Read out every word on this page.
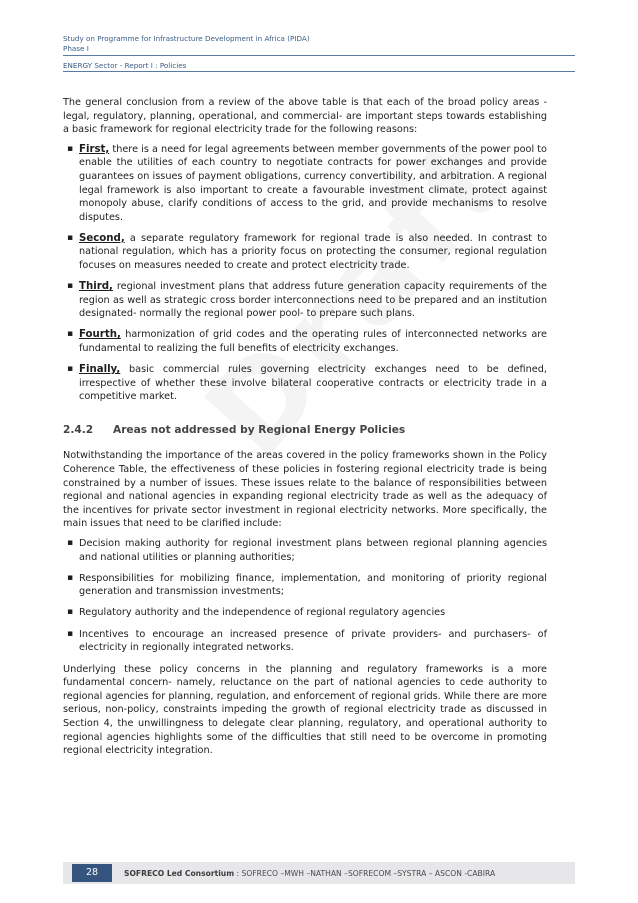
Study on Programme for Infrastructure Development in Africa (PIDA)
Phase I
ENERGY Sector - Report I : Policies

The general conclusion from a review of the above table is that each of the broad policy areas - legal, regulatory, planning, operational, and commercial- are important steps towards establishing a basic framework for regional electricity trade for the following reasons:

▪ First, there is a need for legal agreements between member governments of the power pool to enable the utilities of each country to negotiate contracts for power exchanges and provide guarantees on issues of payment obligations, currency convertibility, and arbitration. A regional legal framework is also important to create a favourable investment climate, protect against monopoly abuse, clarify conditions of access to the grid, and provide mechanisms to resolve disputes.
▪ Second, a separate regulatory framework for regional trade is also needed. In contrast to national regulation, which has a priority focus on protecting the consumer, regional regulation focuses on measures needed to create and protect electricity trade.
▪ Third, regional investment plans that address future generation capacity requirements of the region as well as strategic cross border interconnections need to be prepared and an institution designated- normally the regional power pool- to prepare such plans.
▪ Fourth, harmonization of grid codes and the operating rules of interconnected networks are fundamental to realizing the full benefits of electricity exchanges.
▪ Finally, basic commercial rules governing electricity exchanges need to be defined, irrespective of whether these involve bilateral cooperative contracts or electricity trade in a competitive market.
2.4.2 Areas not addressed by Regional Energy Policies

Notwithstanding the importance of the areas covered in the policy frameworks shown in the Policy Coherence Table, the effectiveness of these policies in fostering regional electricity trade is being constrained by a number of issues. These issues relate to the balance of responsibilities between regional and national agencies in expanding regional electricity trade as well as the adequacy of the incentives for private sector investment in regional electricity networks. More specifically, the main issues that need to be clarified include:

▪ Decision making authority for regional investment plans between regional planning agencies and national utilities or planning authorities;
▪ Responsibilities for mobilizing finance, implementation, and monitoring of priority regional generation and transmission investments;
▪ Regulatory authority and the independence of regional regulatory agencies
▪ Incentives to encourage an increased presence of private providers- and purchasers- of electricity in regionally integrated networks.

Underlying these policy concerns in the planning and regulatory frameworks is a more fundamental concern- namely, reluctance on the part of national agencies to cede authority to regional agencies for planning, regulation, and enforcement of regional grids. While there are more serious, non-policy, constraints impeding the growth of regional electricity trade as discussed in Section 4, the unwillingness to delegate clear planning, regulatory, and operational authority to regional agencies highlights some of the difficulties that still need to be overcome in promoting regional electricity integration.

28	SOFRECO Led Consortium : SOFRECO –MWH –NATHAN –SOFRECOM –SYSTRA – ASCON -CABIRA
